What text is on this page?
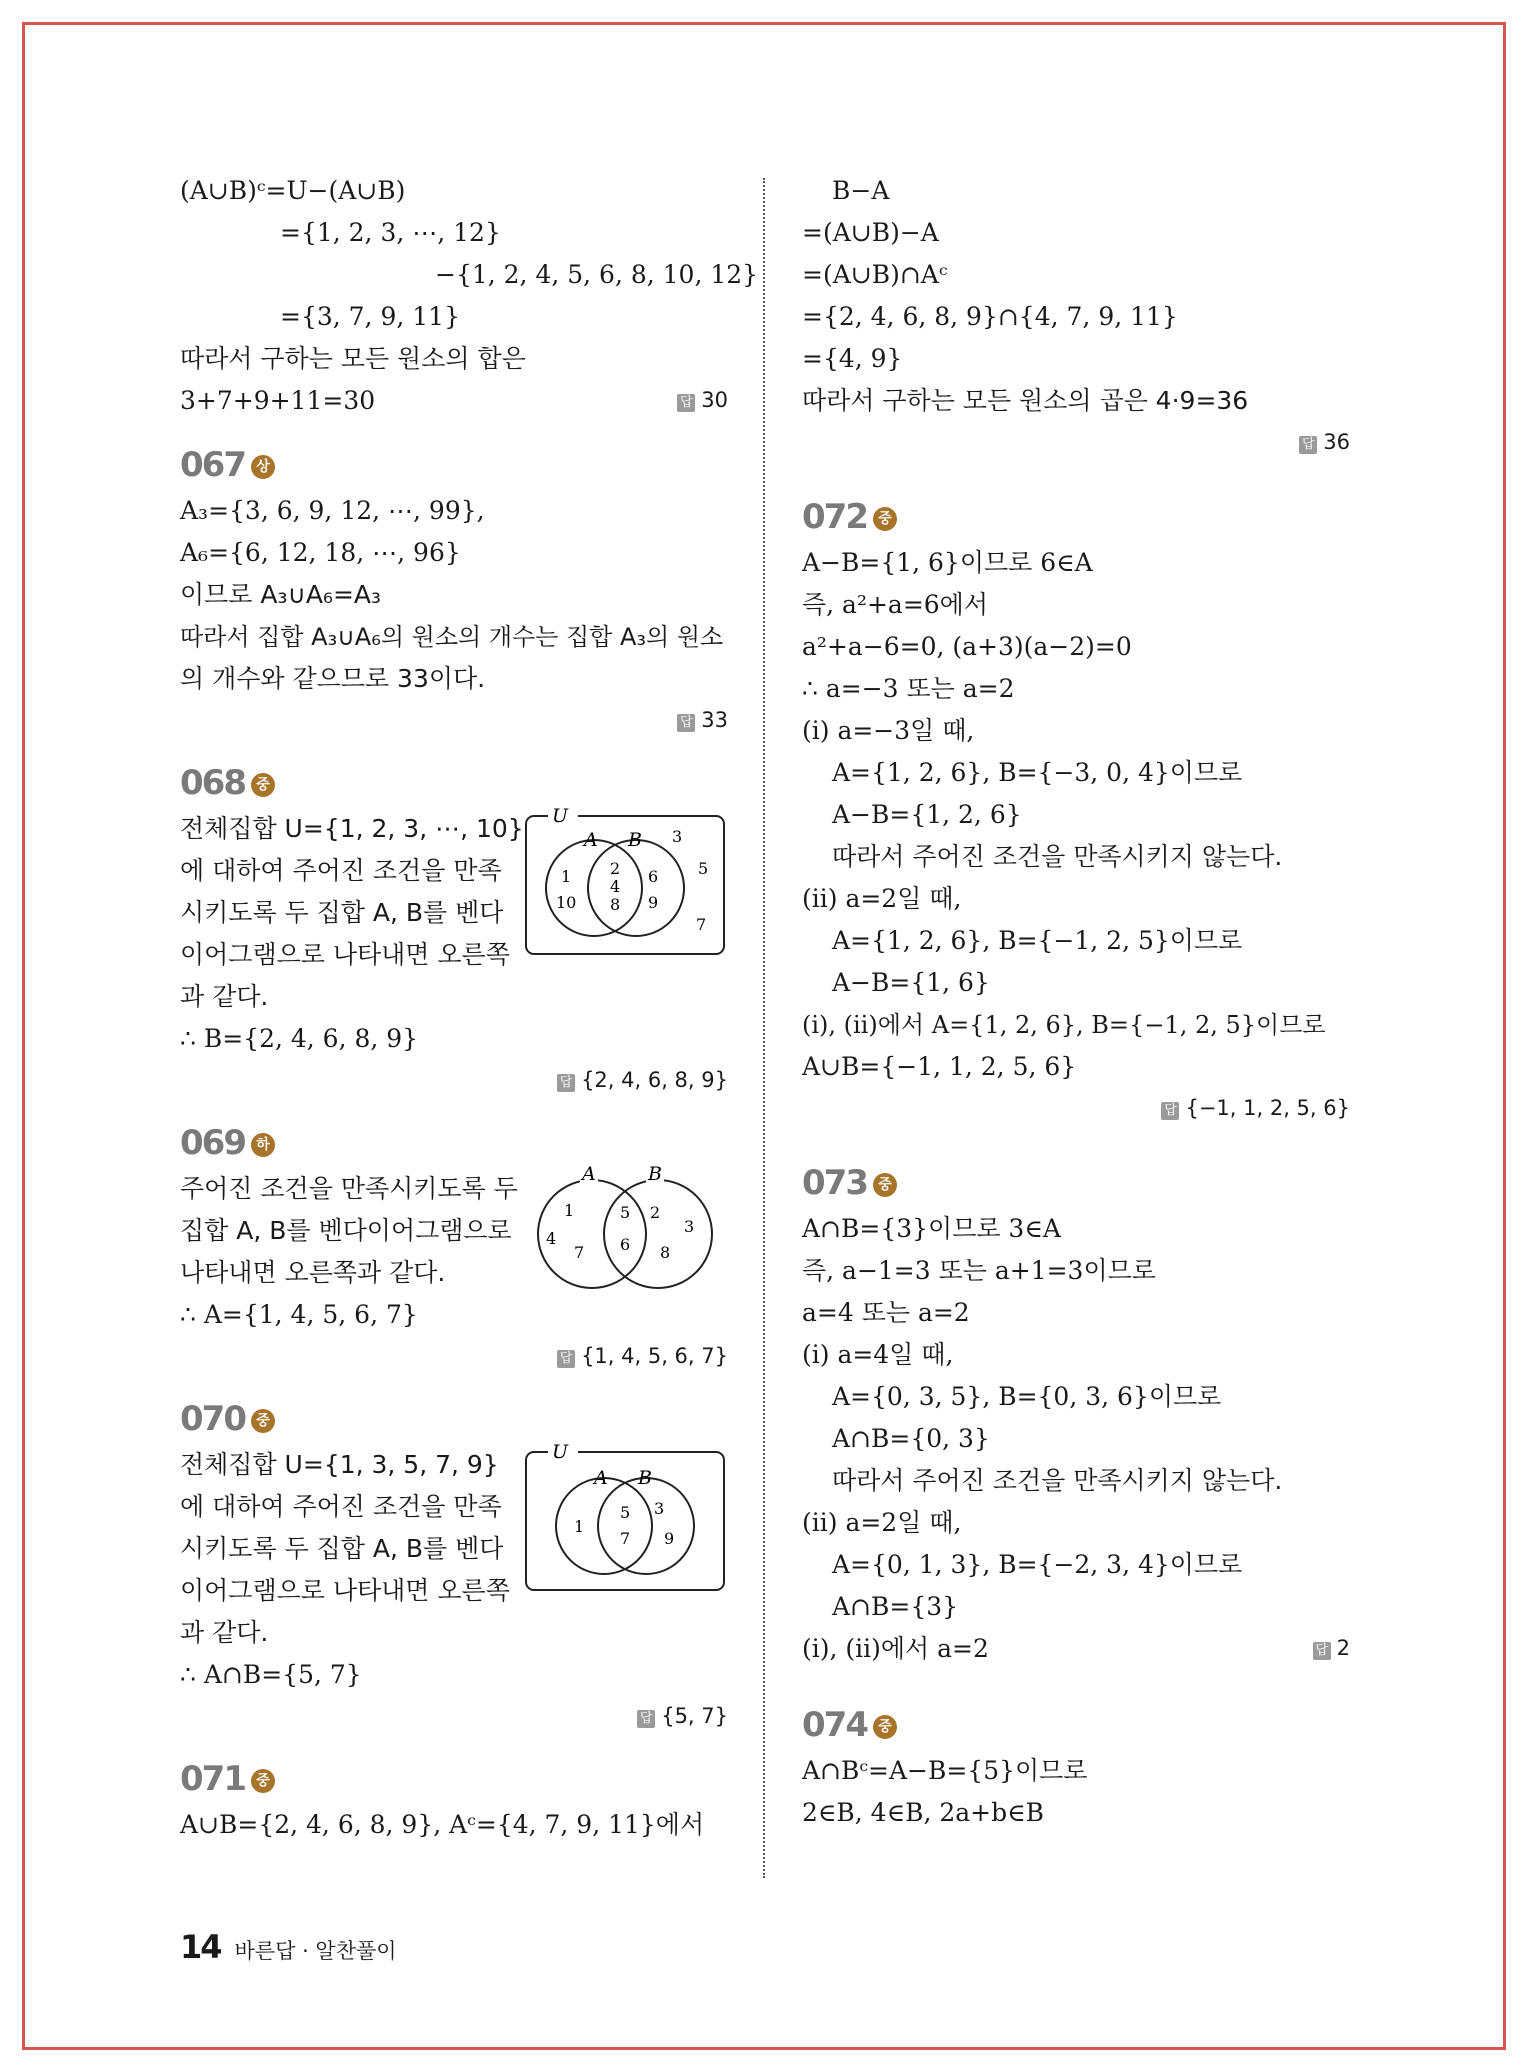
(A∪B)ᶜ=U−(A∪B)
={1, 2, 3, ⋯, 12}
−{1, 2, 4, 5, 6, 8, 10, 12}
={3, 7, 9, 11}
따라서 구하는 모든 원소의 합은
3+7+9+11=30	답 30
067 상
A₃={3, 6, 9, 12, ⋯, 99},
A₆={6, 12, 18, ⋯, 96}
이므로 A₃∪A₆=A₃
따라서 집합 A₃∪A₆의 원소의 개수는 집합 A₃의 원소
의 개수와 같으므로 33이다.
답 33
068 중
전체집합 U={1, 2, 3, ⋯, 10}
에 대하여 주어진 조건을 만족
시키도록 두 집합 A, B를 벤다
이어그램으로 나타내면 오른쪽
과 같다.
∴ B={2, 4, 6, 8, 9}
U
A B
1
10
2
4
8
6
9
3
5
7
답 {2, 4, 6, 8, 9}
069 하
주어진 조건을 만족시키도록 두
집합 A, B를 벤다이어그램으로
나타내면 오른쪽과 같다.
∴ A={1, 4, 5, 6, 7}
A	B
1
4
7
5
6
2
3
8
답 {1, 4, 5, 6, 7}
070 중
전체집합 U={1, 3, 5, 7, 9}
에 대하여 주어진 조건을 만족
시키도록 두 집합 A, B를 벤다
이어그램으로 나타내면 오른쪽
과 같다.
∴ A∩B={5, 7}
U
A B
1
5
7
3
9
답 {5, 7}
071 중
A∪B={2, 4, 6, 8, 9}, Aᶜ={4, 7, 9, 11}에서
B−A
=(A∪B)−A
=(A∪B)∩Aᶜ
={2, 4, 6, 8, 9}∩{4, 7, 9, 11}
={4, 9}
따라서 구하는 모든 원소의 곱은 4·9=36
답 36
072 중
A−B={1, 6}이므로 6∈A
즉, a²+a=6에서
a²+a−6=0, (a+3)(a−2)=0
∴ a=−3 또는 a=2
(ⅰ) a=−3일 때,
A={1, 2, 6}, B={−3, 0, 4}이므로
A−B={1, 2, 6}
따라서 주어진 조건을 만족시키지 않는다.
(ⅱ) a=2일 때,
A={1, 2, 6}, B={−1, 2, 5}이므로
A−B={1, 6}
(ⅰ), (ⅱ)에서 A={1, 2, 6}, B={−1, 2, 5}이므로
A∪B={−1, 1, 2, 5, 6}
답 {−1, 1, 2, 5, 6}
073 중
A∩B={3}이므로 3∈A
즉, a−1=3 또는 a+1=3이므로
a=4 또는 a=2
(ⅰ) a=4일 때,
A={0, 3, 5}, B={0, 3, 6}이므로
A∩B={0, 3}
따라서 주어진 조건을 만족시키지 않는다.
(ⅱ) a=2일 때,
A={0, 1, 3}, B={−2, 3, 4}이므로
A∩B={3}
(ⅰ), (ⅱ)에서 a=2	답 2
074 중
A∩Bᶜ=A−B={5}이므로
2∈B, 4∈B, 2a+b∈B
14 바른답 · 알찬풀이
